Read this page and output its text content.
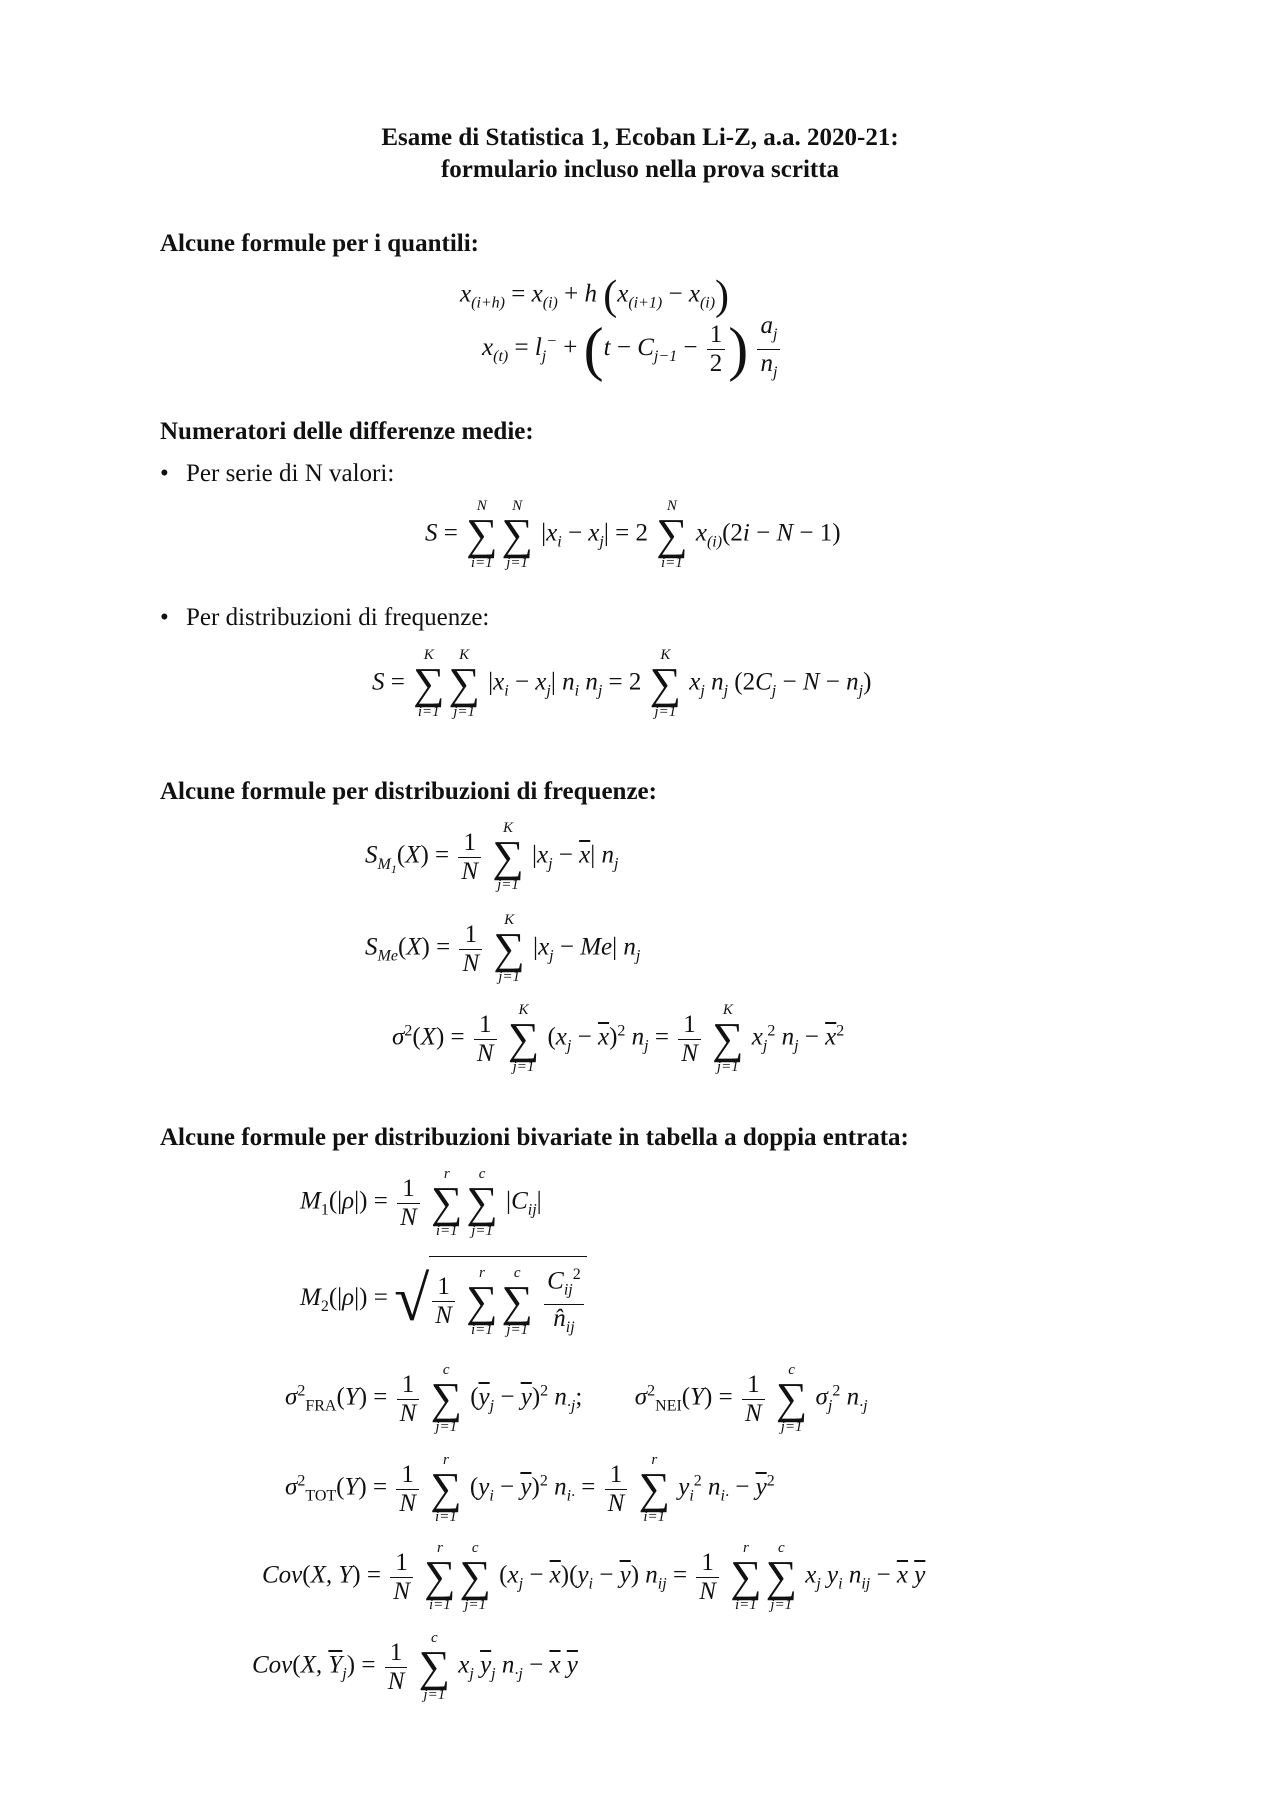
Esame di Statistica 1, Ecoban Li-Z, a.a. 2020-21:
formulario incluso nella prova scritta
Alcune formule per i quantili:
$x_{(i+h)} = x_{(i)} + h$ $(x_{(i+1)} - x_{(i)})$
$x_{(t)} = l_j^- + (t - C_{j-1} - \frac{1}{2}$ ) $\frac{a_j}{n_j}$
Numeratori delle differenze medie:
• Per serie di N valori:
S =
N
∑
i=1
N
∑
j=1
$|x_i - x_j| = 2$
N
∑
i=1
$x_{(i)}(2i - N - 1)$
• Per distribuzioni di frequenze:
S =
K
∑
i=1
K
∑
j=1
$|x_i - x_j|$ $n_i$ $n_j = 2$
K
∑
j=1
$x_j$ $n_j$ $(2C_j - N - n_j)$
Alcune formule per distribuzioni di frequenze:
$S_{M_1}(X) = \frac{1}{N}$

K
∑
j=1
$|x_j - \overline{x}|$ $n_j$
$S_{Me}(X) = \frac{1}{N}$

K
∑
j=1
$|x_j - Me|$ $n_j$
$\sigma^2(X) = \frac{1}{N}$

K
∑
j=1
$(x_j - \overline{x})^2$ $n_j = \frac{1}{N}$

K
∑
j=1
$x_j^2$ $n_j - \overline{x}^2$
Alcune formule per distribuzioni bivariate in tabella a doppia entrata:
$M_1(|\rho|) = \frac{1}{N}$

r
∑
i=1
c
∑
j=1
$|C_{ij}|$
$M_2(|\rho|)$ = √ $\frac{1}{N}$

r
∑
i=1
c
∑
j=1
$\frac{C_{ij}^2}{n̂_{ij}}$
$\sigma^2_{FRA}(Y) = \frac{1}{N}$

c
∑
j=1
$(\overline{y}_j - \overline{y})^2$ $n_{\cdot j}$;  $\sigma^2_{NEI}(Y) = \frac{1}{N}$

c
∑
j=1
$\sigma_j^2$ $n_{\cdot j}$
$\sigma^2_{TOT}(Y) = \frac{1}{N}$

r
∑
i=1
$(y_i - \overline{y})^2$ $n_{i\cdot} = \frac{1}{N}$

r
∑
i=1
$y_i^2$ $n_{i\cdot} - \overline{y}^2$
Cov(X, $Y) = \frac{1}{N}$

r
∑
i=1
c
∑
j=1
$(x_j - \overline{x})(y_i - \overline{y}) n_{ij} = \frac{1}{N}$

r
∑
i=1
c
∑
j=1
$x_j$ $y_i$ $n_{ij} - \overline{x}$ $\overline{y}$
Cov(X, $\overline{Y}_j) = \frac{1}{N}$

c
∑
j=1
$x_j$ $\overline{y}_j$ $n_{\cdot j} - \overline{x}$ $\overline{y}$
